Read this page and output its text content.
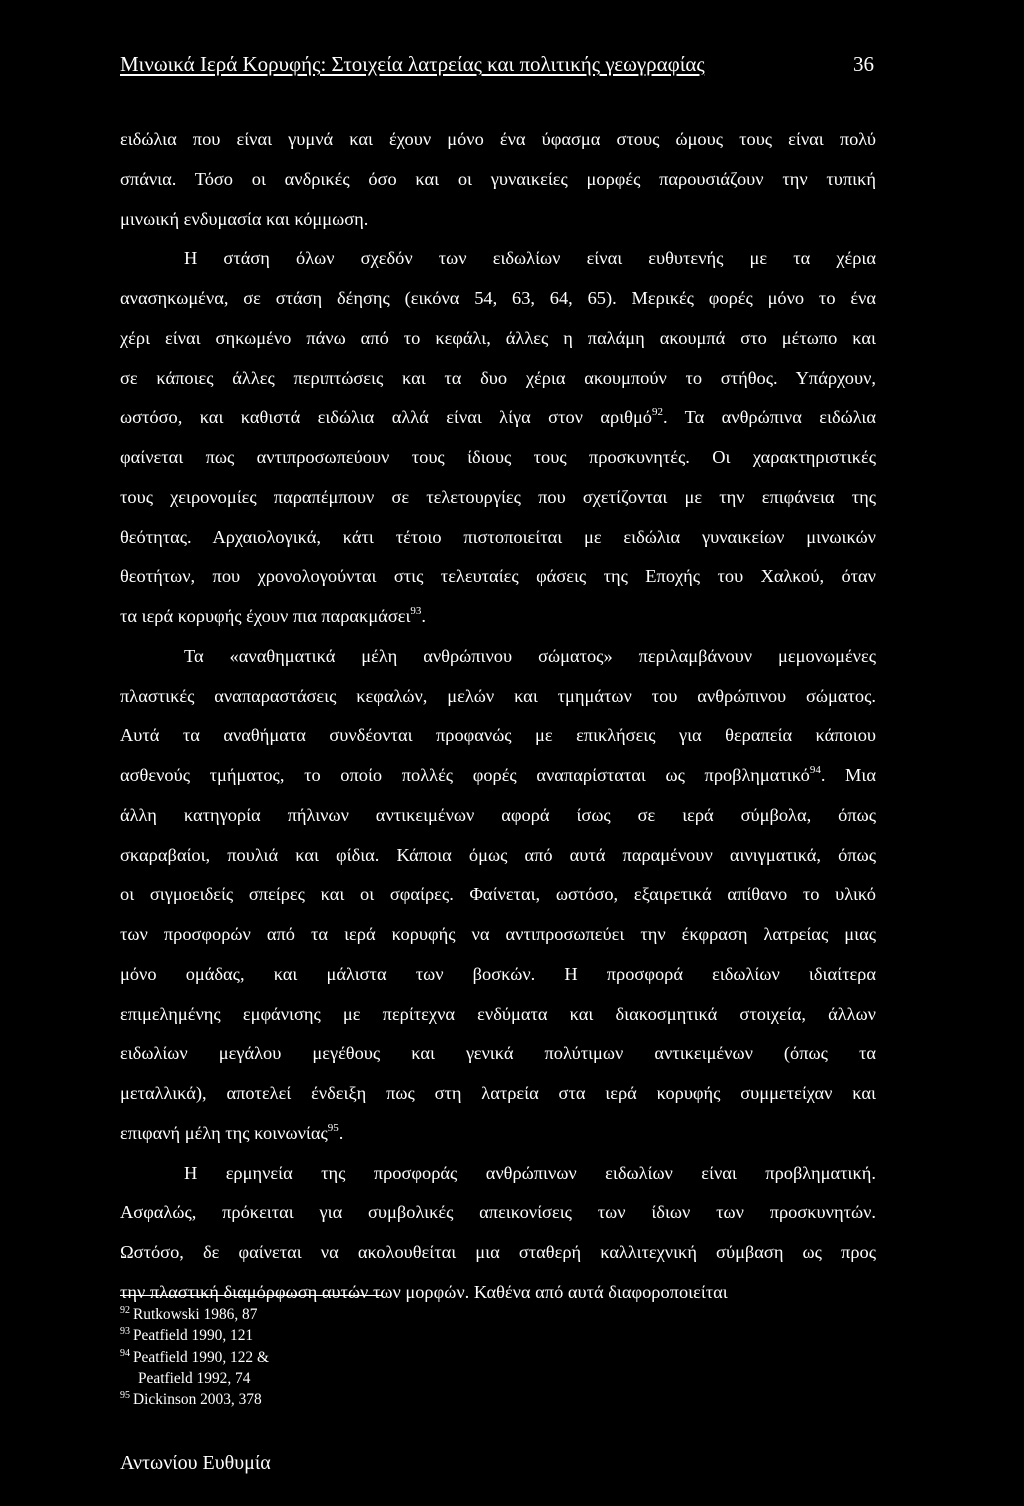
Μινωικά Ιερά Κορυφής: Στοιχεία λατρείας και πολιτικής γεωγραφίας	36
ειδώλια που είναι γυμνά και έχουν μόνο ένα ύφασμα στους ώμους τους είναι πολύ
σπάνια. Τόσο οι ανδρικές όσο και οι γυναικείες μορφές παρουσιάζουν την τυπική
μινωική ενδυμασία και κόμμωση.
Η στάση όλων σχεδόν των ειδωλίων είναι ευθυτενής με τα χέρια
ανασηκωμένα, σε στάση δέησης (εικόνα 54, 63, 64, 65). Μερικές φορές μόνο το ένα
χέρι είναι σηκωμένο πάνω από το κεφάλι, άλλες η παλάμη ακουμπά στο μέτωπο και
σε κάποιες άλλες περιπτώσεις και τα δυο χέρια ακουμπούν το στήθος. Υπάρχουν,
ωστόσο, και καθιστά ειδώλια αλλά είναι λίγα στον αριθμό$^{92}$. Τα ανθρώπινα ειδώλια
φαίνεται πως αντιπροσωπεύουν τους ίδιους τους προσκυνητές. Οι χαρακτηριστικές
τους χειρονομίες παραπέμπουν σε τελετουργίες που σχετίζονται με την επιφάνεια της
θεότητας. Αρχαιολογικά, κάτι τέτοιο πιστοποιείται με ειδώλια γυναικείων μινωικών
θεοτήτων, που χρονολογούνται στις τελευταίες φάσεις της Εποχής του Χαλκού, όταν
τα ιερά κορυφής έχουν πια παρακμάσει$^{93}$.
Τα «αναθηματικά μέλη ανθρώπινου σώματος» περιλαμβάνουν μεμονωμένες
πλαστικές αναπαραστάσεις κεφαλών, μελών και τμημάτων του ανθρώπινου σώματος.
Αυτά τα αναθήματα συνδέονται προφανώς με επικλήσεις για θεραπεία κάποιου
ασθενούς τμήματος, το οποίο πολλές φορές αναπαρίσταται ως προβληματικό$^{94}$. Μια
άλλη κατηγορία πήλινων αντικειμένων αφορά ίσως σε ιερά σύμβολα, όπως
σκαραβαίοι, πουλιά και φίδια. Κάποια όμως από αυτά παραμένουν αινιγματικά, όπως
οι σιγμοειδείς σπείρες και οι σφαίρες. Φαίνεται, ωστόσο, εξαιρετικά απίθανο το υλικό
των προσφορών από τα ιερά κορυφής να αντιπροσωπεύει την έκφραση λατρείας μιας
μόνο ομάδας, και μάλιστα των βοσκών. Η προσφορά ειδωλίων ιδιαίτερα
επιμελημένης εμφάνισης με περίτεχνα ενδύματα και διακοσμητικά στοιχεία, άλλων
ειδωλίων μεγάλου μεγέθους και γενικά πολύτιμων αντικειμένων (όπως τα
μεταλλικά), αποτελεί ένδειξη πως στη λατρεία στα ιερά κορυφής συμμετείχαν και
επιφανή μέλη της κοινωνίας$^{95}$.
Η ερμηνεία της προσφοράς ανθρώπινων ειδωλίων είναι προβληματική.
Ασφαλώς, πρόκειται για συμβολικές απεικονίσεις των ίδιων των προσκυνητών.
Ωστόσο, δε φαίνεται να ακολουθείται μια σταθερή καλλιτεχνική σύμβαση ως προς
την πλαστική διαμόρφωση αυτών των μορφών. Καθένα από αυτά διαφοροποιείται
$^{92}$ Rutkowski 1986, 87
$^{93}$ Peatfield 1990, 121
$^{94}$ Peatfield 1990, 122 &
Peatfield 1992, 74
$^{95}$ Dickinson 2003, 378
Αντωνίου Ευθυμία
